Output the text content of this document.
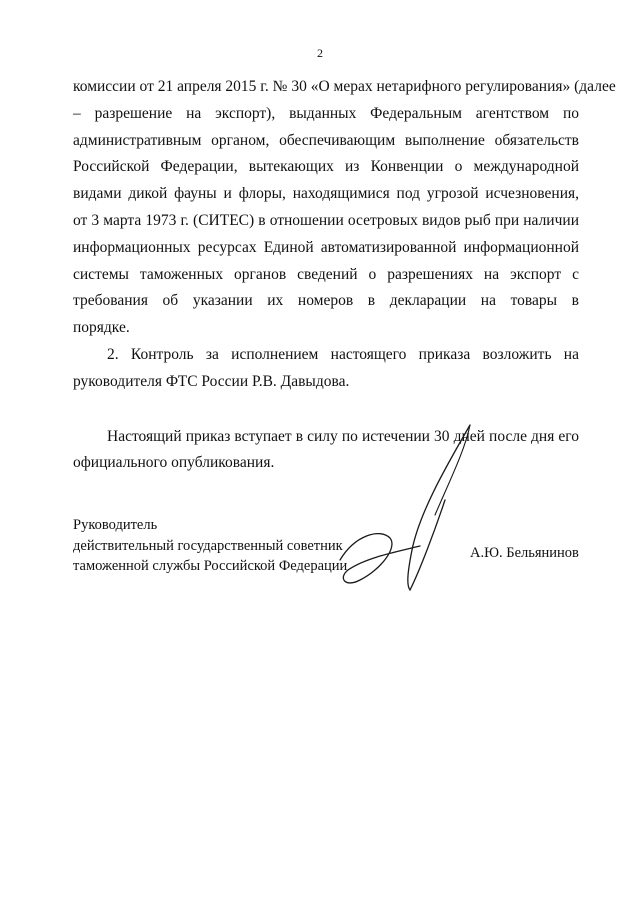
2
комиссии от 21 апреля 2015 г. № 30 «О мерах нетарифного регулирования» (далее
– разрешение на экспорт), выданных Федеральным агентством по
административным органом, обеспечивающим выполнение обязательств
Российской Федерации, вытекающих из Конвенции о международной
видами дикой фауны и флоры, находящимися под угрозой исчезновения,
от 3 марта 1973 г. (СИТЕС) в отношении осетровых видов рыб при наличии
информационных ресурсах Единой автоматизированной информационной
системы таможенных органов сведений о разрешениях на экспорт с
требования об указании их номеров в декларации на товары в
порядке.
2. Контроль за исполнением настоящего приказа возложить на
руководителя ФТС России Р.В. Давыдова.
Настоящий приказ вступает в силу по истечении 30 дней после дня его
официального опубликования.
Руководитель
действительный государственный советник
таможенной службы Российской Федерации
А.Ю. Бельянинов
